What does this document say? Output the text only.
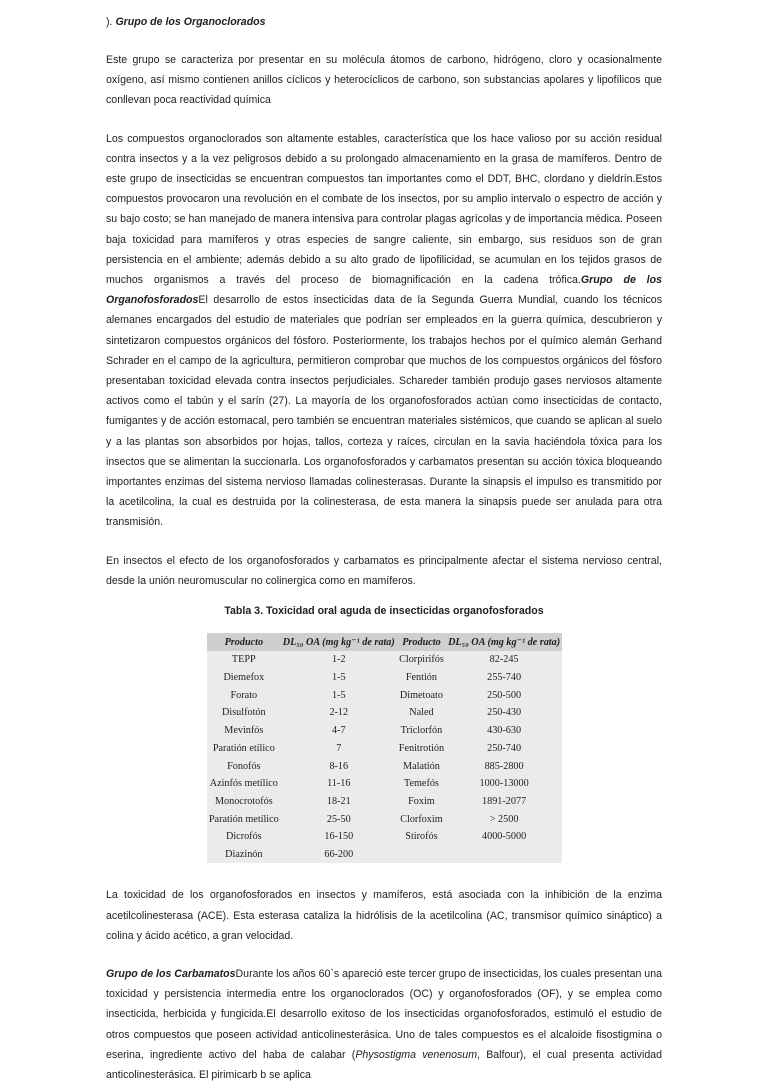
). Grupo de los Organoclorados

Este grupo se caracteriza por presentar en su molécula átomos de carbono, hidrógeno, cloro y ocasionalmente oxígeno, así mismo contienen anillos cíclicos y heterocíclicos de carbono, son substancias apolares y lipofílicos que conllevan poca reactividad química

Los compuestos organoclorados son altamente estables, característica que los hace valioso por su acción residual contra insectos y a la vez peligrosos debido a su prolongado almacenamiento en la grasa de mamíferos. Dentro de este grupo de insecticidas se encuentran compuestos tan importantes como el DDT, BHC, clordano y dieldrín.Estos compuestos provocaron una revolución en el combate de los insectos, por su amplio intervalo o espectro de acción y su bajo costo; se han manejado de manera intensiva para controlar plagas agrícolas y de importancia médica. Poseen baja toxicidad para mamíferos y otras especies de sangre caliente, sin embargo, sus residuos son de gran persistencia en el ambiente; además debido a su alto grado de lipofilicidad, se acumulan en los tejidos grasos de muchos organismos a través del proceso de biomagnificación en la cadena trófica.Grupo de los OrganofosforadosEl desarrollo de estos insecticidas data de la Segunda Guerra Mundial, cuando los técnicos alemanes encargados del estudio de materiales que podrían ser empleados en la guerra química, descubrieron y sintetizaron compuestos orgánicos del fósforo. Posteriormente, los trabajos hechos por el químico alemán Gerhand Schrader en el campo de la agricultura, permitieron comprobar que muchos de los compuestos orgánicos del fósforo presentaban toxicidad elevada contra insectos perjudiciales. Schareder también produjo gases nerviosos altamente activos como el tabún y el sarín (27). La mayoría de los organofosforados actúan como insecticidas de contacto, fumigantes y de acción estomacal, pero también se encuentran materiales sistémicos, que cuando se aplican al suelo y a las plantas son absorbidos por hojas, tallos, corteza y raíces, circulan en la savia haciéndola tóxica para los insectos que se alimentan la succionarla. Los organofosforados y carbamatos presentan su acción tóxica bloqueando importantes enzimas del sistema nervioso llamadas colinesterasas. Durante la sinapsis el impulso es transmitido por la acetilcolina, la cual es destruida por la colinesterasa, de esta manera la sinapsis puede ser anulada para otra transmisión.

En insectos el efecto de los organofosforados y carbamatos es principalmente afectar el sistema nervioso central, desde la unión neuromuscular no colinergica como en mamíferos.

Tabla 3. Toxicidad oral aguda de insecticidas organofosforados
Producto	DL₅₀ OA (mg kg⁻¹ de rata)	Producto	DL₅₀ OA (mg kg⁻¹ de rata)
TEPP	1-2	Clorpirifós	82-245
Diemefox	1-5	Fentión	255-740
Forato	1-5	Dimetoato	250-500
Disulfotón	2-12	Naled	250-430
Mevinfós	4-7	Triclorfón	430-630
Paratión etílico	7	Fenitrotión	250-740
Fonofós	8-16	Malatión	885-2800
Azinfós metílico	11-16	Temefós	1000-13000
Monocrotofós	18-21	Foxim	1891-2077
Paratión metílico	25-50	Clorfoxim	> 2500
Dicrofós	16-150	Stirofós	4000-5000
Diazinón	66-200		

La toxicidad de los organofosforados en insectos y mamíferos, está asociada con la inhibición de la enzima acetilcolinesterasa (ACE). Esta esterasa cataliza la hidrólisis de la acetilcolina (AC, transmisor químico sináptico) a colina y ácido acético, a gran velocidad.

Grupo de los CarbamatosDurante los años 60`s apareció este tercer grupo de insecticidas, los cuales presentan una toxicidad y persistencia intermedia entre los organoclorados (OC) y organofosforados (OF), y se emplea como insecticida, herbicida y fungicida.El desarrollo exitoso de los insecticidas organofosforados, estimuló el estudio de otros compuestos que poseen actividad anticolinesterásica. Uno de tales compuestos es el alcaloide fisostigmina o eserina, ingrediente activo del haba de calabar (Physostigma venenosum, Balfour), el cual presenta actividad anticolinesterásica. El pirimicarb b se aplica
